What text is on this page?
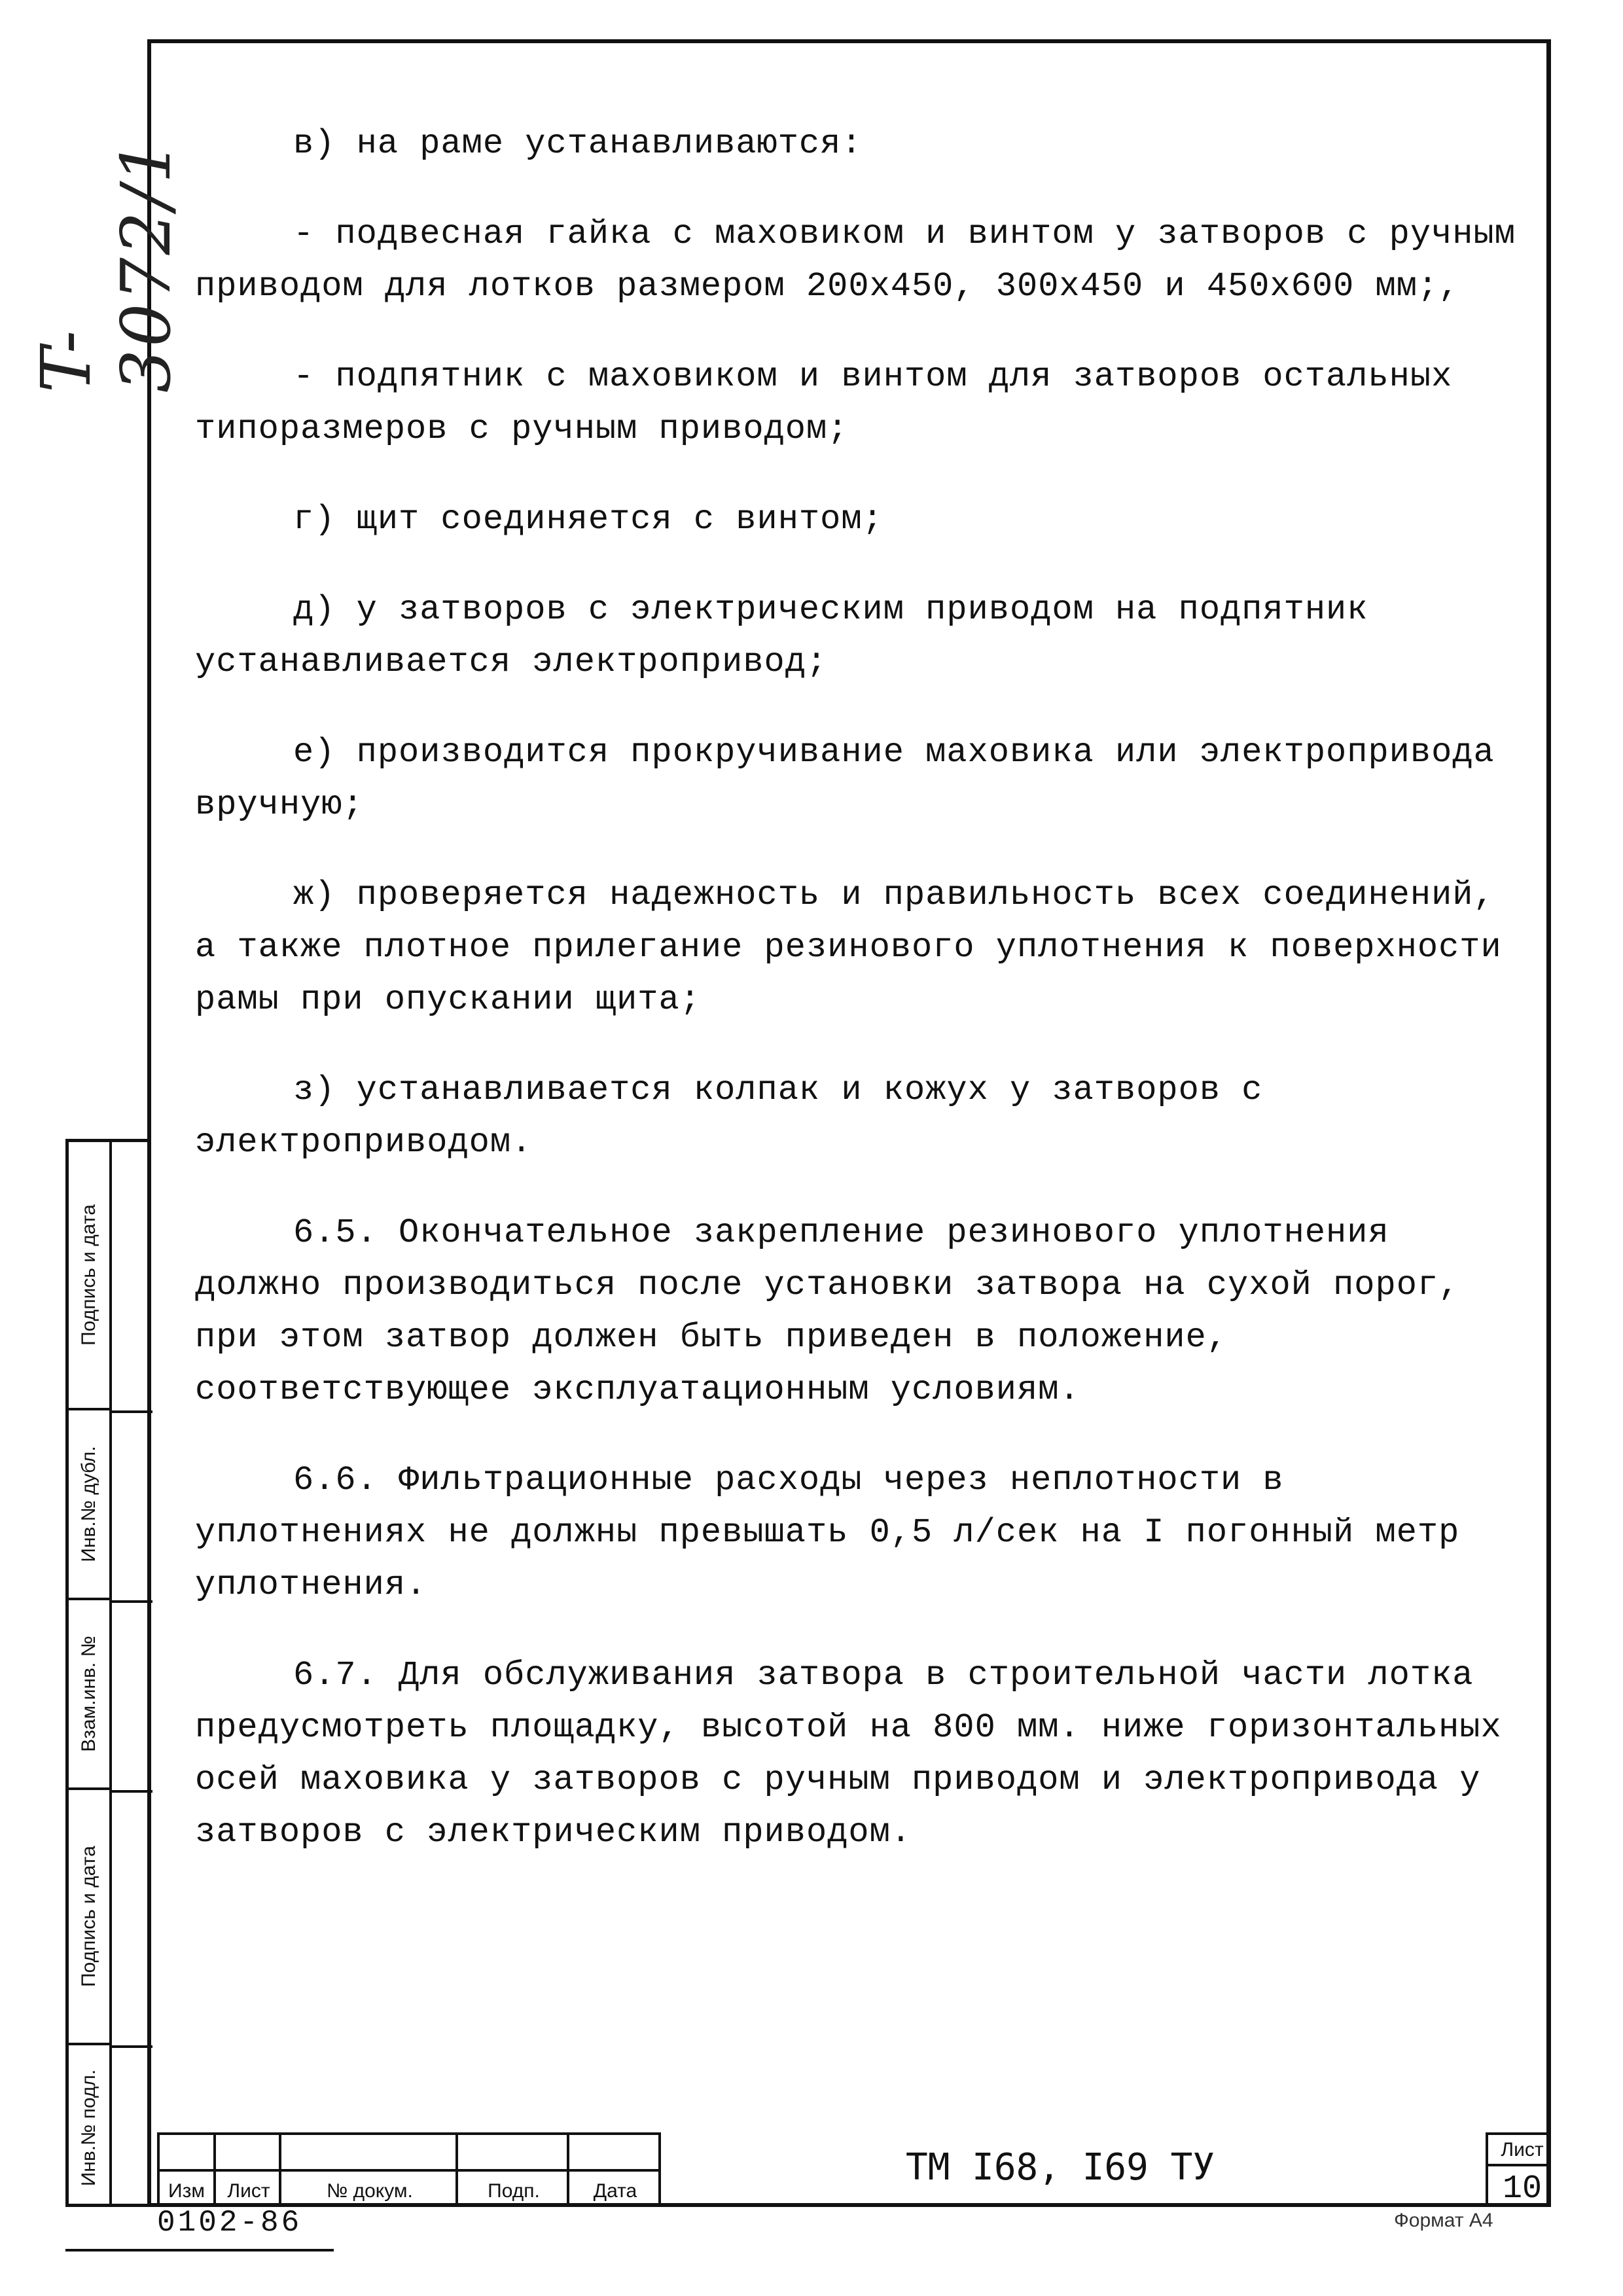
T-3072/1	в) на раме устанавливаются:

- подвесная гайка с маховиком и винтом у затворов с ручным приводом для лотков размером 200х450, 300х450 и 450х600 мм;,

- подпятник с маховиком и винтом для затворов остальных типоразмеров с ручным приводом;

г) щит соединяется с винтом;

д) у затворов с электрическим приводом на подпятник устанавливается электропривод;

е) производится прокручивание маховика или электропривода вручную;

ж) проверяется надежность и правильность всех соединений, а также плотное прилегание резинового уплотнения к поверхности рамы при опускании щита;

з) устанавливается колпак и кожух у затворов с электроприводом.

6.5. Окончательное закрепление резинового уплотнения должно производиться после установки затвора на сухой порог, при этом затвор должен быть приведен в положение, соответствующее эксплуатационным условиям.

6.6. Фильтрационные расходы через неплотности в уплотнениях не должны превышать 0,5 л/сек на I погонный метр уплотнения.

6.7. Для обслуживания затвора в строительной части лотка предусмотреть площадку, высотой на 800 мм. ниже горизонтальных осей маховика у затворов с ручным приводом и электропривода у затворов с электрическим приводом.

Подпись и дата
Инв.№ дубл.
Взам.инв. №
Подпись и дата
Инв.№ подл.
Изм	Лист	№ докум.	Подп.	Дата
ТМ I68, I69 ТУ	Лист
10
Формат А4
0102-86
